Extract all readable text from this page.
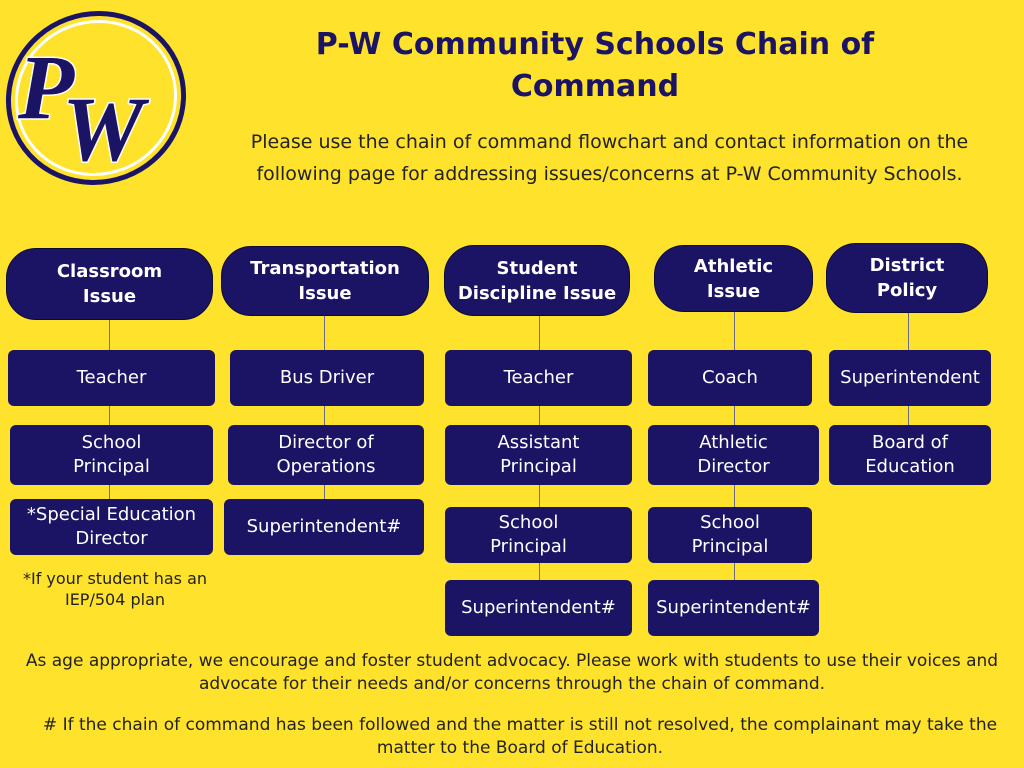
P
W
P-W Community Schools Chain of Command
Please use the chain of command flowchart and contact information on the following page for addressing issues/concerns at P-W Community Schools.
Classroom Issue
Teacher
School Principal
*Special Education Director
Transportation Issue
Bus Driver
Director of Operations
Superintendent#
Student Discipline Issue
Teacher
Assistant Principal
School Principal
Superintendent#
Athletic Issue
Coach
Athletic Director
School Principal
Superintendent#
District Policy
Superintendent
Board of Education
*If your student has an IEP/504 plan
As age appropriate, we encourage and foster student advocacy. Please work with students to use their voices and advocate for their needs and/or concerns through the chain of command.
# If the chain of command has been followed and the matter is still not resolved, the complainant may take the matter to the Board of Education.
